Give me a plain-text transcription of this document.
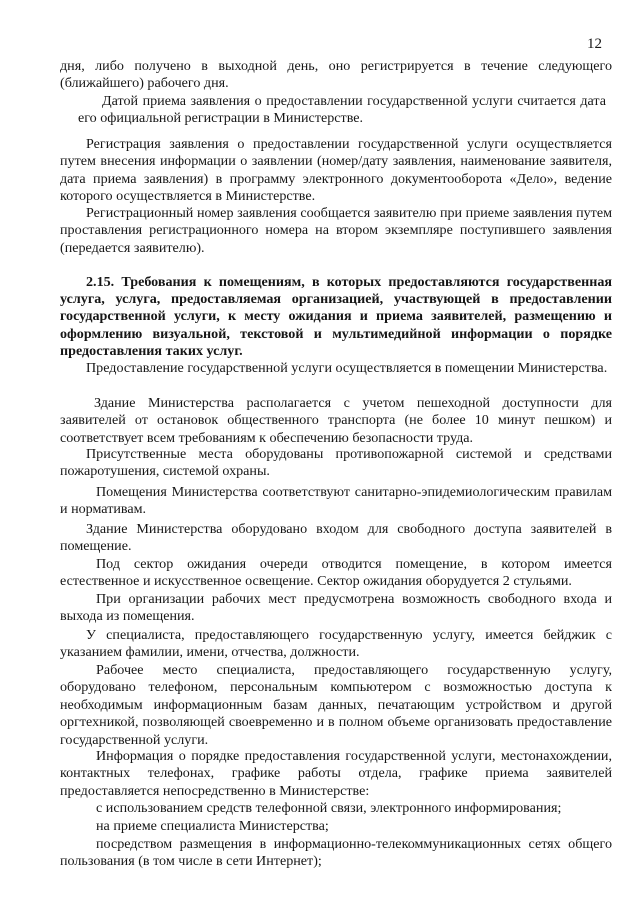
12

дня, либо получено в выходной день, оно регистрируется в течение следующего (ближайшего) рабочего дня.

Датой приема заявления о предоставлении государственной услуги считается дата его официальной регистрации в Министерстве.

Регистрация заявления о предоставлении государственной услуги осуществляется путем внесения информации о заявлении (номер/дату заявления, наименование заявителя, дата приема заявления) в программу электронного документооборота «Дело», ведение которого осуществляется в Министерстве.

Регистрационный номер заявления сообщается заявителю при приеме заявления путем проставления регистрационного номера на втором экземпляре поступившего заявления (передается заявителю).

2.15. Требования к помещениям, в которых предоставляются государственная услуга, услуга, предоставляемая организацией, участвующей в предоставлении государственной услуги, к месту ожидания и приема заявителей, размещению и оформлению визуальной, текстовой и мультимедийной информации о порядке предоставления таких услуг.

Предоставление государственной услуги осуществляется в помещении Министерства.

Здание Министерства располагается с учетом пешеходной доступности для заявителей от остановок общественного транспорта (не более 10 минут пешком) и соответствует всем требованиям к обеспечению безопасности труда.

Присутственные места оборудованы противопожарной системой и средствами пожаротушения, системой охраны.

Помещения Министерства соответствуют санитарно-эпидемиологическим правилам и нормативам.

Здание Министерства оборудовано входом для свободного доступа заявителей в помещение.

Под сектор ожидания очереди отводится помещение, в котором имеется естественное и искусственное освещение. Сектор ожидания оборудуется 2 стульями.

При организации рабочих мест предусмотрена возможность свободного входа и выхода из помещения.

У специалиста, предоставляющего государственную услугу, имеется бейджик с указанием фамилии, имени, отчества, должности.

Рабочее место специалиста, предоставляющего государственную услугу, оборудовано телефоном, персональным компьютером с возможностью доступа к необходимым информационным базам данных, печатающим устройством и другой оргтехникой, позволяющей своевременно и в полном объеме организовать предоставление государственной услуги.

Информация о порядке предоставления государственной услуги, местонахождении, контактных телефонах, графике работы отдела, графике приема заявителей предоставляется непосредственно в Министерстве:

с использованием средств телефонной связи, электронного информирования;

на приеме специалиста Министерства;

посредством размещения в информационно-телекоммуникационных сетях общего пользования (в том числе в сети Интернет);
